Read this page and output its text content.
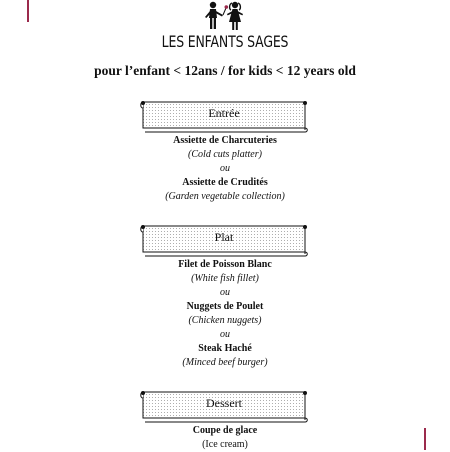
LES ENFANTS SAGES
pour l’enfant < 12ans / for kids < 12 years old
Entrée
Assiette de Charcuteries
(Cold cuts platter)
ou
Assiette de Crudités
(Garden vegetable collection)
Plat
Filet de Poisson Blanc
(White fish fillet)
ou
Nuggets de Poulet
(Chicken nuggets)
ou
Steak Haché
(Minced beef burger)
Dessert
Coupe de glace
(Ice cream)
